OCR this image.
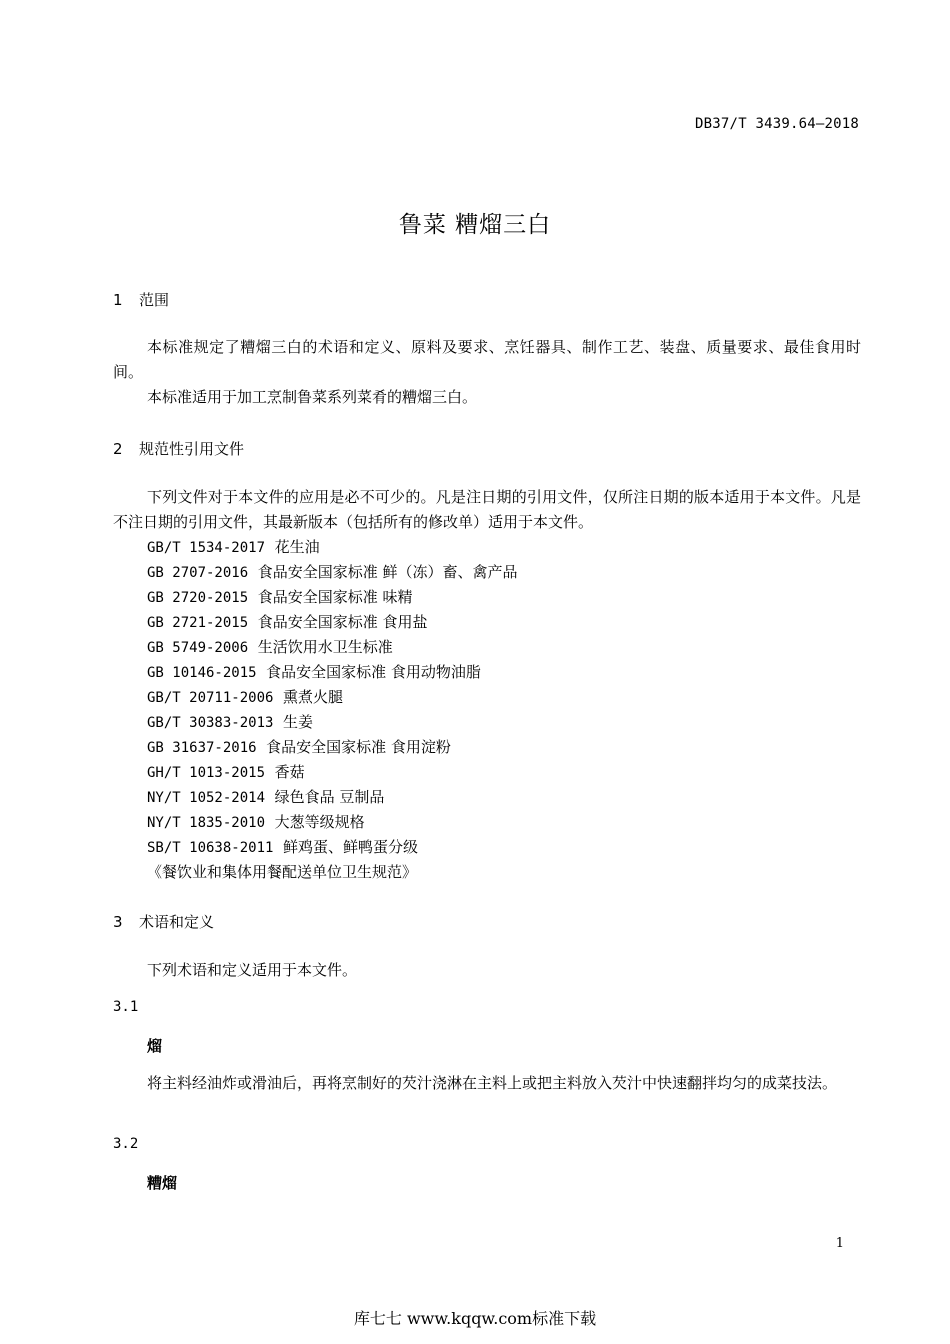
DB37/T 3439.64—2018
鲁菜 糟熘三白
1 范围
本标准规定了糟熘三白的术语和定义、原料及要求、烹饪器具、制作工艺、装盘、质量要求、最佳食用时间。
本标准适用于加工烹制鲁菜系列菜肴的糟熘三白。
2 规范性引用文件
下列文件对于本文件的应用是必不可少的。凡是注日期的引用文件，仅所注日期的版本适用于本文件。凡是不注日期的引用文件，其最新版本（包括所有的修改单）适用于本文件。
GB/T 1534-2017 花生油
GB 2707-2016 食品安全国家标准 鲜（冻）畜、禽产品
GB 2720-2015 食品安全国家标准 味精
GB 2721-2015 食品安全国家标准 食用盐
GB 5749-2006 生活饮用水卫生标准
GB 10146-2015 食品安全国家标准 食用动物油脂
GB/T 20711-2006 熏煮火腿
GB/T 30383-2013 生姜
GB 31637-2016 食品安全国家标准 食用淀粉
GH/T 1013-2015 香菇
NY/T 1052-2014 绿色食品 豆制品
NY/T 1835-2010 大葱等级规格
SB/T 10638-2011 鲜鸡蛋、鲜鸭蛋分级
《餐饮业和集体用餐配送单位卫生规范》
3 术语和定义
下列术语和定义适用于本文件。
3.1
熘
将主料经油炸或滑油后，再将烹制好的芡汁浇淋在主料上或把主料放入芡汁中快速翻拌均匀的成菜技法。
3.2
糟熘
1
库七七 www.kqqw.com标准下载
